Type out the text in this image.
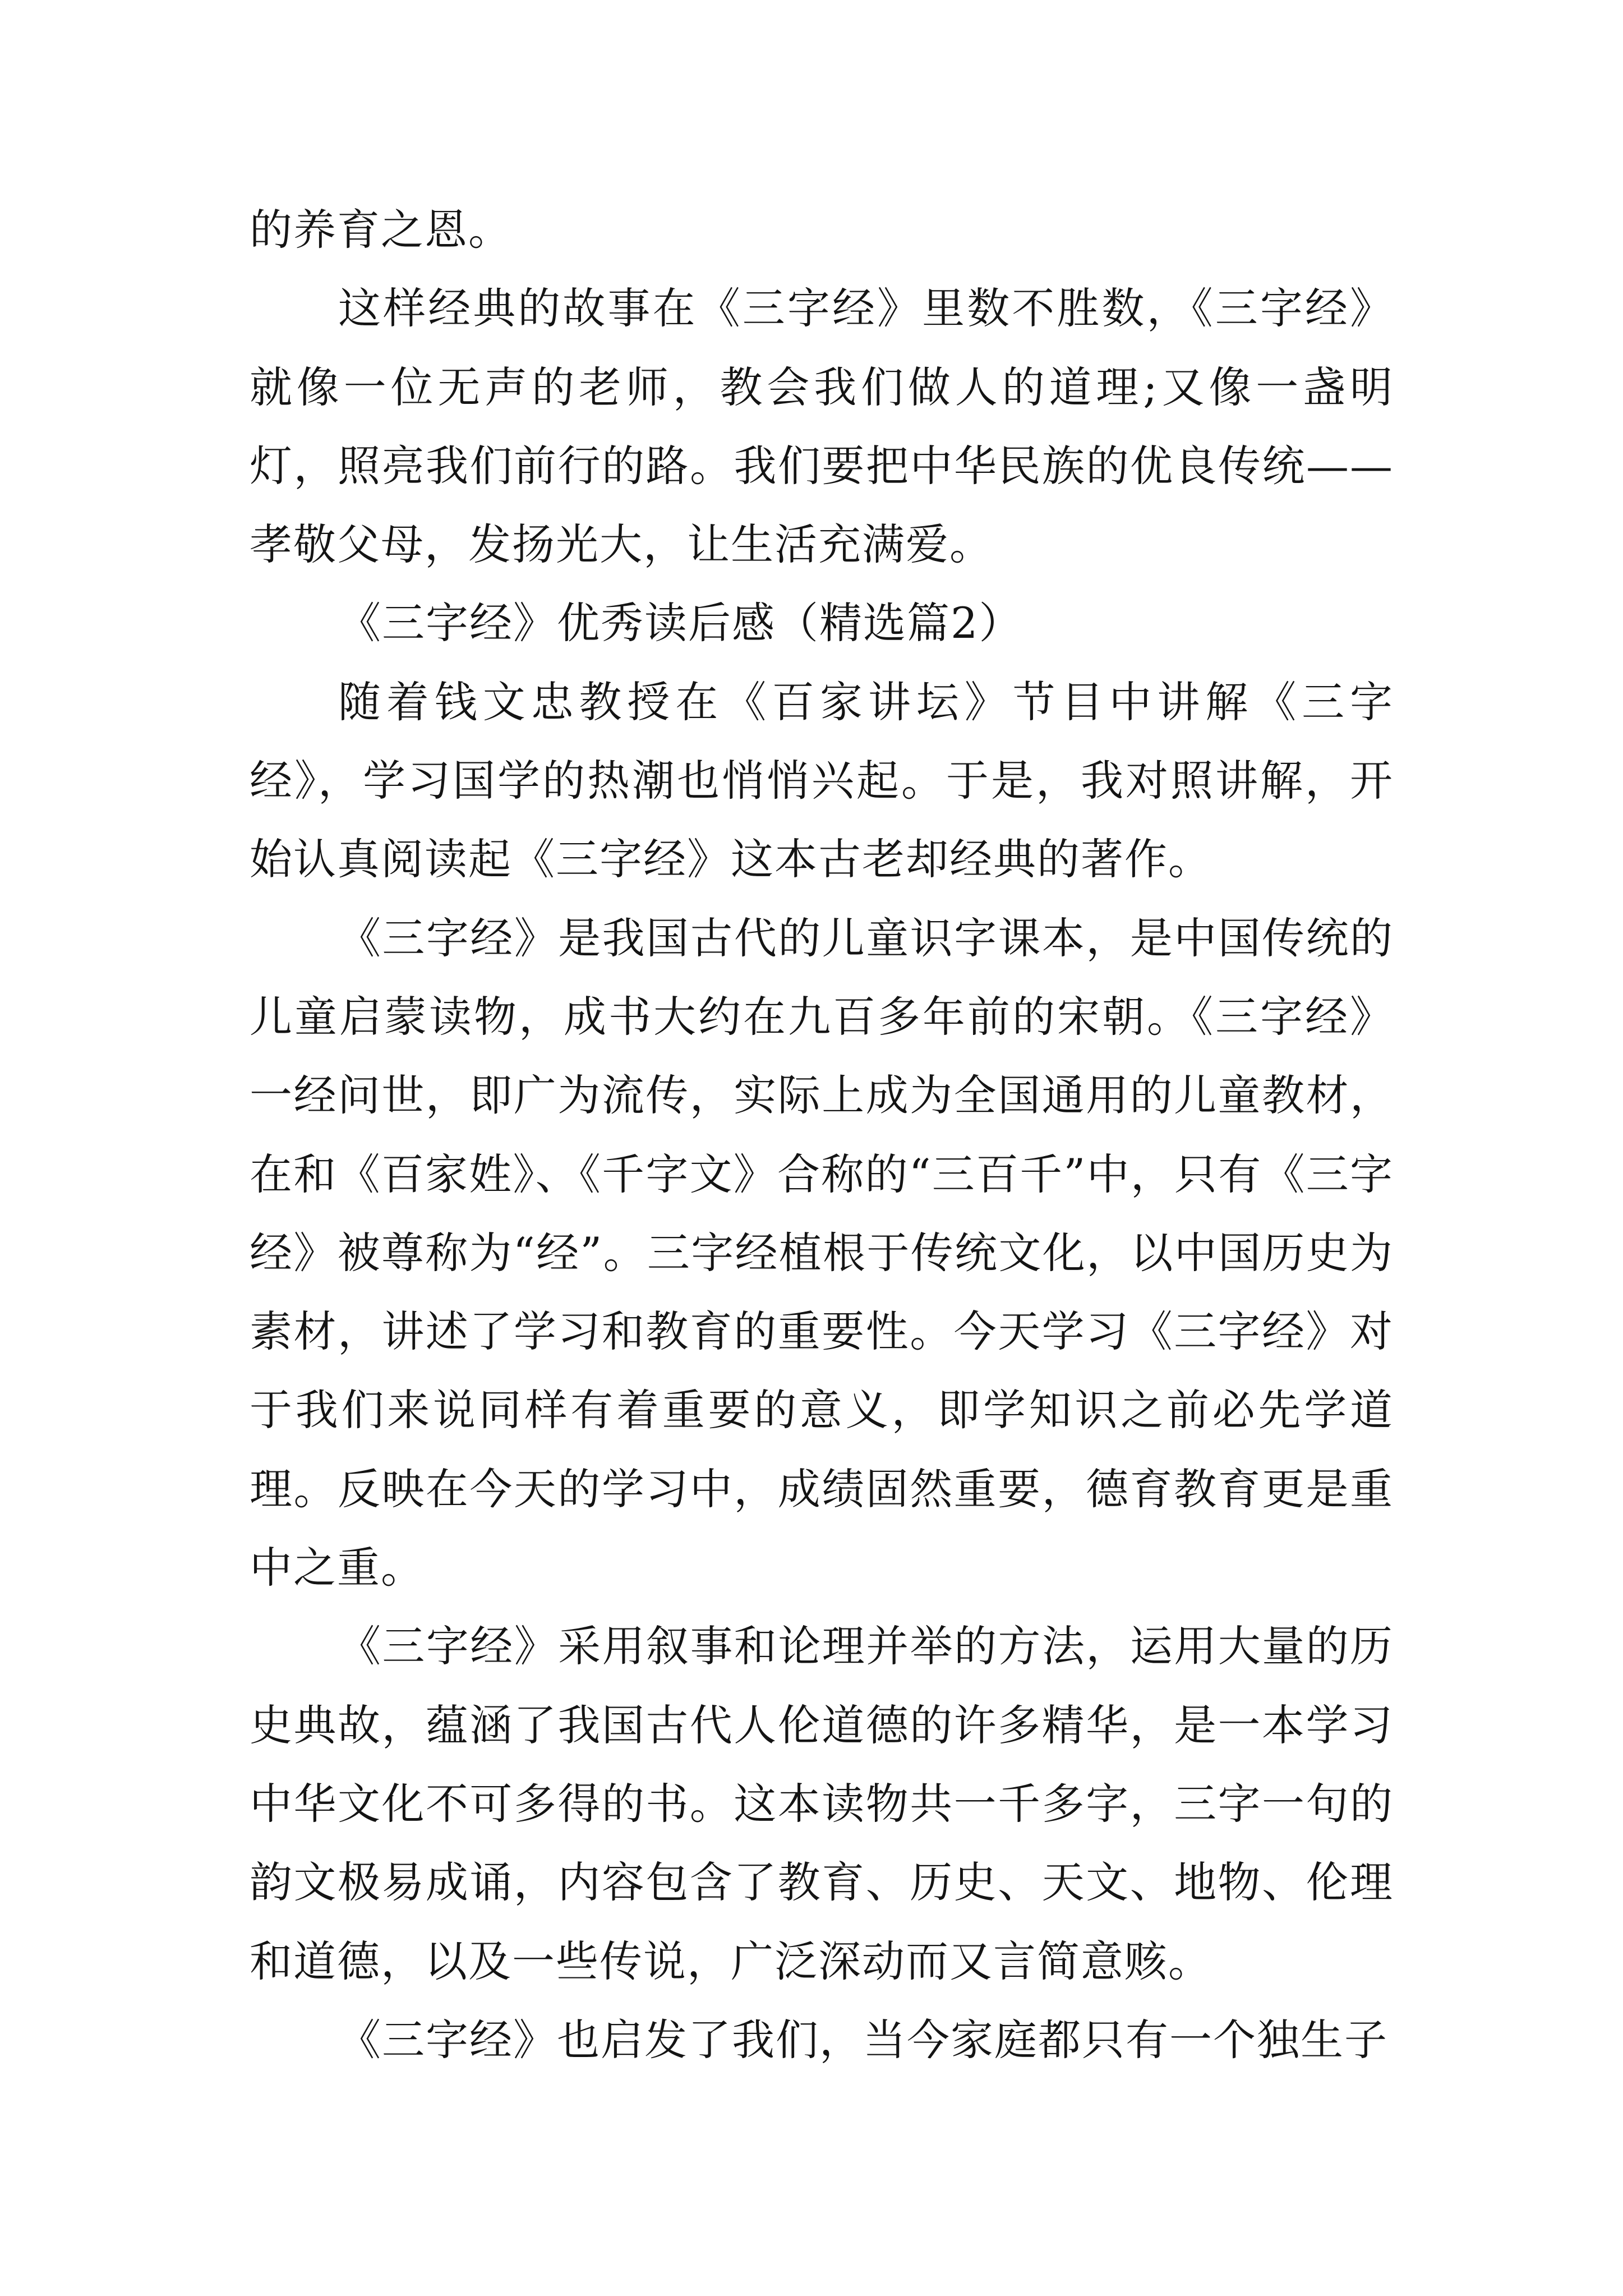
的养育之恩。

这样经典的故事在《三字经》里数不胜数，《三字经》就像一位无声的老师，教会我们做人的道理;又像一盏明灯，照亮我们前行的路。我们要把中华民族的优良传统——孝敬父母，发扬光大，让生活充满爱。

《三字经》优秀读后感（精选篇2）

随着钱文忠教授在《百家讲坛》节目中讲解《三字经》，学习国学的热潮也悄悄兴起。于是，我对照讲解，开始认真阅读起《三字经》这本古老却经典的著作。

《三字经》是我国古代的儿童识字课本，是中国传统的儿童启蒙读物，成书大约在九百多年前的宋朝。《三字经》一经问世，即广为流传，实际上成为全国通用的儿童教材，在和《百家姓》、《千字文》合称的“三百千”中，只有《三字经》被尊称为“经”。三字经植根于传统文化，以中国历史为素材，讲述了学习和教育的重要性。今天学习《三字经》对于我们来说同样有着重要的意义，即学知识之前必先学道理。反映在今天的学习中，成绩固然重要，德育教育更是重中之重。

《三字经》采用叙事和论理并举的方法，运用大量的历史典故，蕴涵了我国古代人伦道德的许多精华，是一本学习中华文化不可多得的书。这本读物共一千多字，三字一句的韵文极易成诵，内容包含了教育、历史、天文、地物、伦理和道德，以及一些传说，广泛深动而又言简意赅。

《三字经》也启发了我们，当今家庭都只有一个独生子
